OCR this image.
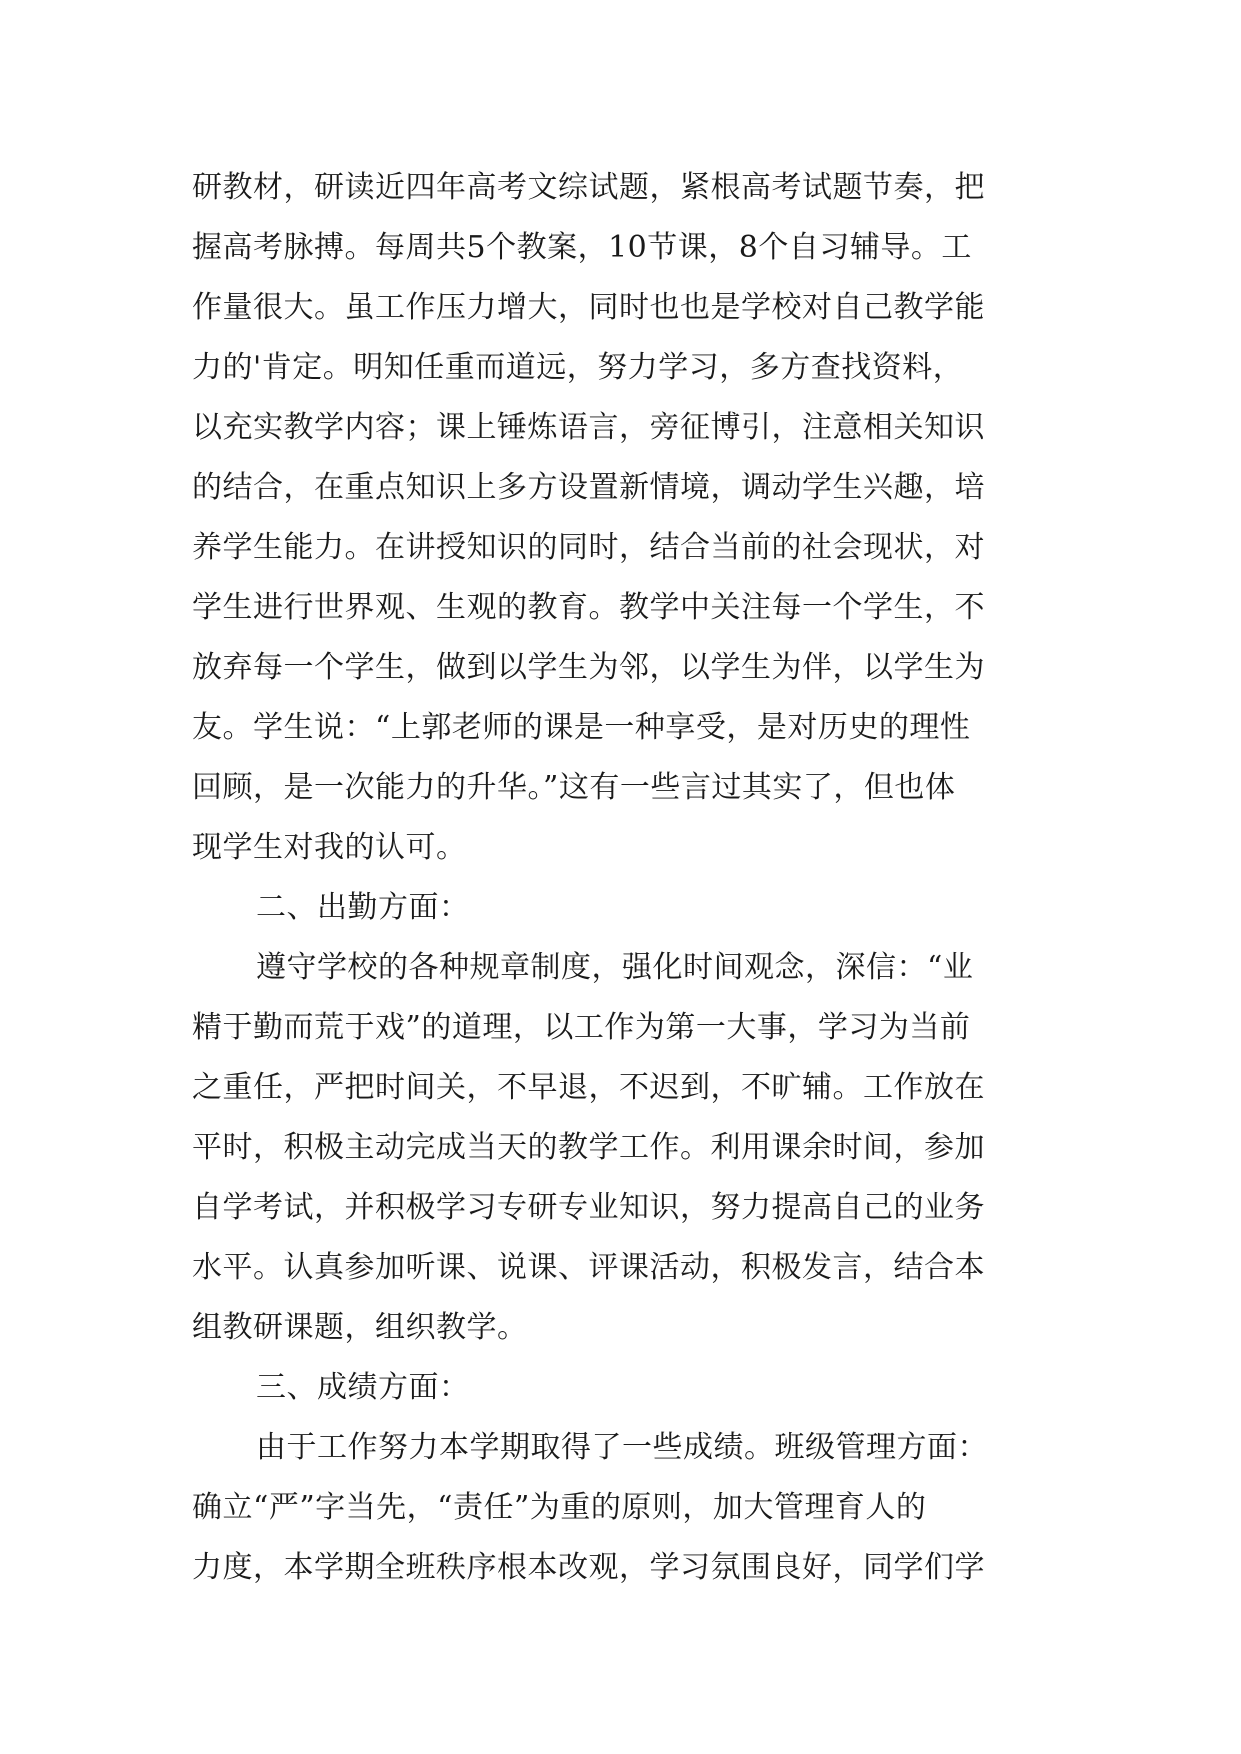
研教材，研读近四年高考文综试题，紧根高考试题节奏，把
握高考脉搏。每周共5个教案，10节课，8个自习辅导。工
作量很大。虽工作压力增大，同时也也是学校对自己教学能
力的'肯定。明知任重而道远，努力学习，多方查找资料，
以充实教学内容；课上锤炼语言，旁征博引，注意相关知识
的结合，在重点知识上多方设置新情境，调动学生兴趣，培
养学生能力。在讲授知识的同时，结合当前的社会现状，对
学生进行世界观、生观的教育。教学中关注每一个学生，不
放弃每一个学生，做到以学生为邻，以学生为伴，以学生为
友。学生说：“上郭老师的课是一种享受，是对历史的理性
回顾，是一次能力的升华。”这有一些言过其实了，但也体
现学生对我的认可。
二、出勤方面：
遵守学校的各种规章制度，强化时间观念，深信：“业
精于勤而荒于戏”的道理，以工作为第一大事，学习为当前
之重任，严把时间关，不早退，不迟到，不旷辅。工作放在
平时，积极主动完成当天的教学工作。利用课余时间，参加
自学考试，并积极学习专研专业知识，努力提高自己的业务
水平。认真参加听课、说课、评课活动，积极发言，结合本
组教研课题，组织教学。
三、成绩方面：
由于工作努力本学期取得了一些成绩。班级管理方面：
确立“严”字当先，“责任”为重的原则，加大管理育人的
力度，本学期全班秩序根本改观，学习氛围良好，同学们学
